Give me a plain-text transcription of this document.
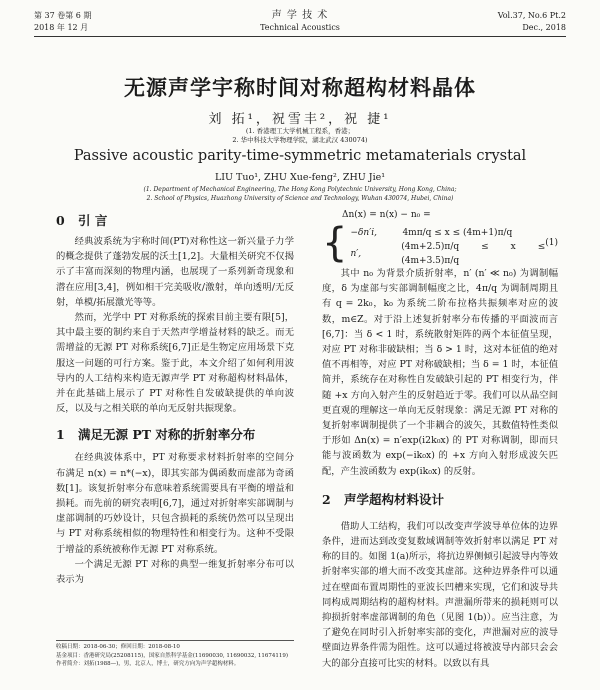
第 37 卷第 6 期
2018 年 12 月
声 学 技 术
Technical Acoustics
Vol.37, No.6 Pt.2
Dec., 2018
无源声学宇称时间对称超构材料晶体
刘 拓¹，祝雪丰²，祝 捷¹
(1. 香港理工大学机械工程系，香港；
2. 华中科技大学物理学院，湖北武汉 430074)
Passive acoustic parity-time-symmetric metamaterials crystal
LIU Tuo¹, ZHU Xue-feng², ZHU Jie¹
(1. Department of Mechanical Engineering, The Hong Kong Polytechnic University, Hong Kong, China;
2. School of Physics, Huazhong University of Science and Technology, Wuhan 430074, Hubei, China)
0 引 言

经典波系统为宇称时间(PT)对称性这一新兴量子力学的概念提供了蓬勃发展的沃土[1,2]。大量相关研究不仅揭示了丰富而深刻的物理内涵，也展现了一系列新奇现象和潜在应用[3,4]，例如相干完美吸收/激射，单向透明/无反射，单模/拓展激光等等。

然而，光学中 PT 对称系统的探索目前主要有限[5]，其中最主要的制约来自于天然声学增益材料的缺乏。而无需增益的无源 PT 对称系统[6,7]正是生物定应用场景下克服这一问题的可行方案。鉴于此，本文介绍了如何利用波导内的人工结构来构造无源声学 PT 对称超构材料晶体，并在此基础上展示了 PT 对称性自发破缺提供的单向波反，以及与之相关联的单向无反射共振现象。

1 满足无源 PT 对称的折射率分布

在经典波体系中，PT 对称要求材料折射率的空间分布满足 n(x) = n*(−x)，即其实部为偶函数而虚部为奇函数[1]。该复折射率分布意味着系统需要具有平衡的增益和损耗。而先前的研究表明[6,7]，通过对折射率实部调制与虚部调制的巧妙设计，只包含损耗的系统仍然可以呈现出与 PT 对称系统相似的物理特性和相变行为。这种不受限于增益的系统被称作无源 PT 对称系统。

一个满足无源 PT 对称的典型一维复折射率分布可以表示为

Δn(x) = n(x) − n₀ =
{ −δn′i,	4mπ/q ≤ x ≤ (4m+1)π/q
n′,
(4m+2.5)π/q ≤ x ≤ (4m+3.5)π/q
(1)

其中 n₀ 为背景介质折射率，n′ (n′ ≪ n₀) 为调制幅度，δ 为虚部与实部调制幅度之比，4π/q 为调制周期且有 q = 2k₀，k₀ 为系统二阶布拉格共振频率对应的波数，m∈Z。对于沿上述复折射率分布传播的平面波而言[6,7]：当 δ < 1 时，系统散射矩阵的两个本征值呈现，对应 PT 对称非破缺相；当 δ > 1 时，这对本征值的绝对值不再相等，对应 PT 对称破缺相；当 δ = 1 时，本征值简并，系统存在对称性自发破缺引起的 PT 相变行为，伴随 +x 方向入射产生的反射趋近于零。我们可以从晶空间更直观的理解这一单向无反射现象：满足无源 PT 对称的复折射率调制提供了一个非耦合的波矢，其数值特性类似于形如 Δn(x) = n′exp(i2k₀x) 的 PT 对称调制，即而只能与波函数为 exp(−ik₀x) 的 +x 方向入射形成波矢匹配，产生波函数为 exp(ik₀x) 的反射。

2 声学超构材料设计

借助人工结构，我们可以改变声学波导单位体的边界条件，进而达到改变复数域调制等效折射率以满足 PT 对称的目的。如图 1(a)所示，将抗边界侧倾引起波导内等效折射率实部的增大而不改变其虚部。这种边界条件可以通过在壁面布置周期性的亚波长凹槽来实现，它们和波导共同构成周期结构的超构材料。声泄漏所带来的损耗则可以抑损折射率虚部调制的角色（见图 1(b)）。应当注意，为了避免在同时引入折射率实部的变化，声泄漏对应的波导壁面边界条件需为阻性。这可以通过将被波导内部只会会大的部分直接可比实的材料。以致以有具

收稿日期：2018-06-30；修回日期：2018-08-10
基金项目：香港研究局(25208115)，国家自然科学基金(11690030, 11690032, 11674119)
作者简介：刘拓(1988—)，男，北京人，博士，研究方向为声学超构材料。
